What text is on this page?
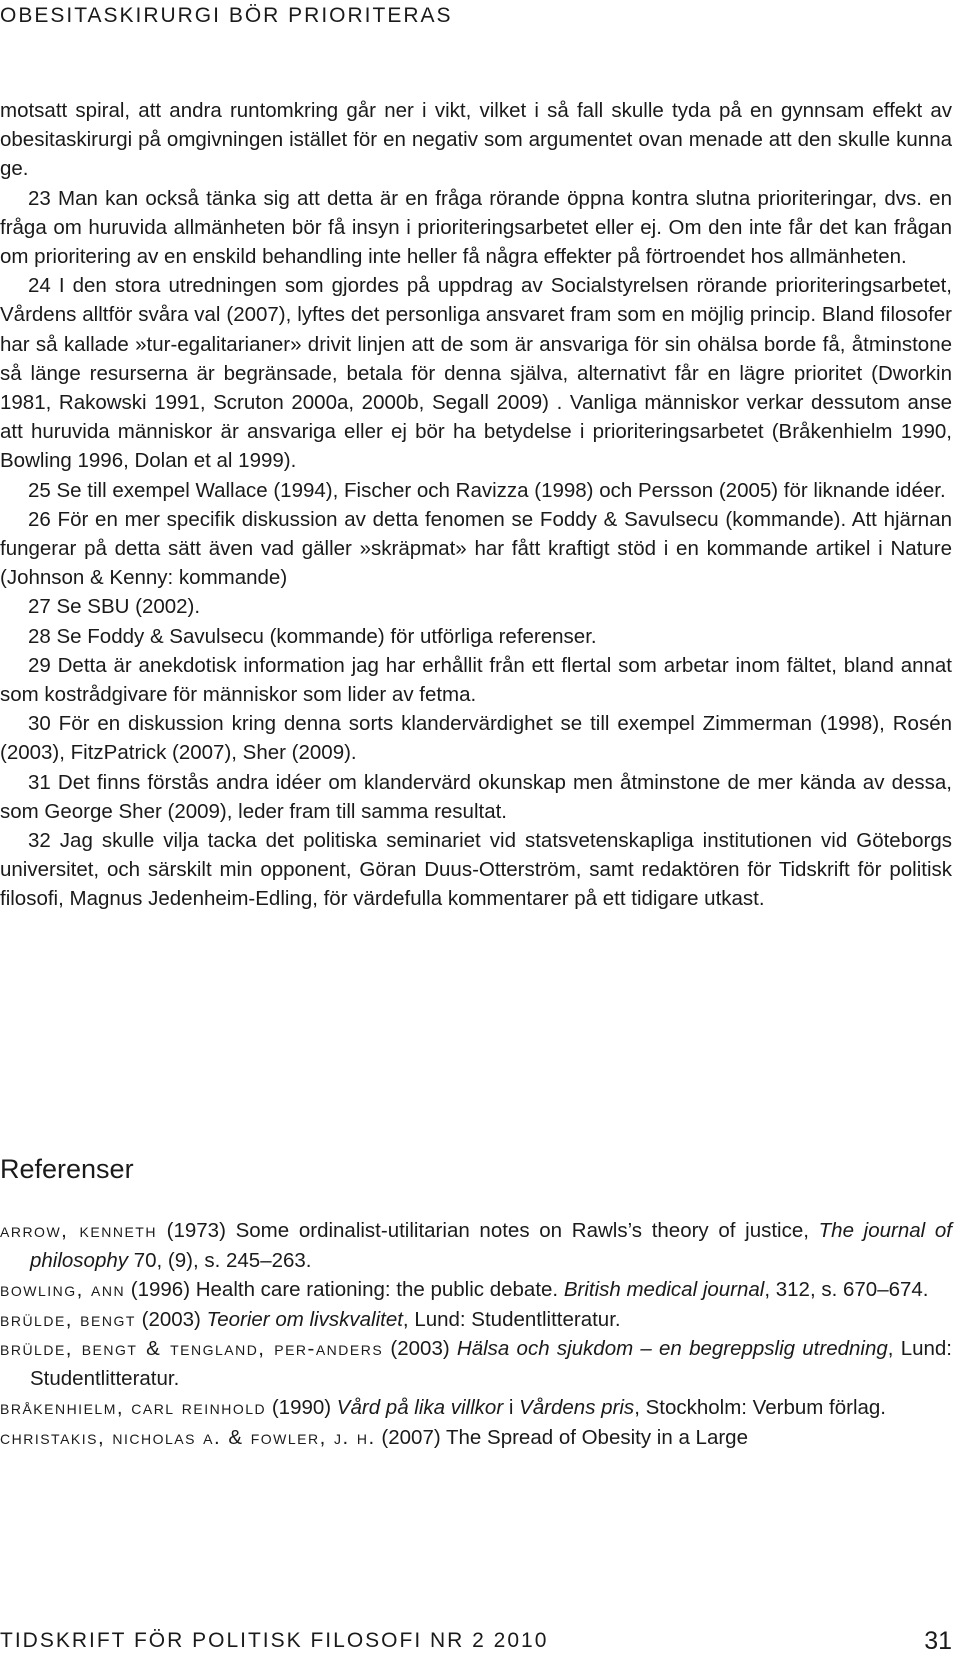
OBESITASKIRURGI BÖR PRIORITERAS

motsatt spiral, att andra runtomkring går ner i vikt, vilket i så fall skulle tyda på en gynnsam effekt av obesitaskirurgi på omgivningen istället för en negativ som argumentet ovan menade att den skulle kunna ge.

23 Man kan också tänka sig att detta är en fråga rörande öppna kontra slutna prioriteringar, dvs. en fråga om huruvida allmänheten bör få insyn i prioriteringsarbetet eller ej. Om den inte får det kan frågan om prioritering av en enskild behandling inte heller få några effekter på förtroendet hos allmänheten.

24 I den stora utredningen som gjordes på uppdrag av Socialstyrelsen rörande prioriteringsarbetet, Vårdens alltför svåra val (2007), lyftes det personliga ansvaret fram som en möjlig princip. Bland filosofer har så kallade »tur-egalitarianer» drivit linjen att de som är ansvariga för sin ohälsa borde få, åtminstone så länge resurserna är begränsade, betala för denna själva, alternativt får en lägre prioritet (Dworkin 1981, Rakowski 1991, Scruton 2000a, 2000b, Segall 2009) . Vanliga människor verkar dessutom anse att huruvida människor är ansvariga eller ej bör ha betydelse i prioriteringsarbetet (Bråkenhielm 1990, Bowling 1996, Dolan et al 1999).

25 Se till exempel Wallace (1994), Fischer och Ravizza (1998) och Persson (2005) för liknande idéer.

26 För en mer specifik diskussion av detta fenomen se Foddy & Savulsecu (kommande). Att hjärnan fungerar på detta sätt även vad gäller »skräpmat» har fått kraftigt stöd i en kommande artikel i Nature (Johnson & Kenny: kommande)

27 Se SBU (2002).

28 Se Foddy & Savulsecu (kommande) för utförliga referenser.

29 Detta är anekdotisk information jag har erhållit från ett flertal som arbetar inom fältet, bland annat som kostrådgivare för människor som lider av fetma.

30 För en diskussion kring denna sorts klandervärdighet se till exempel Zimmerman (1998), Rosén (2003), FitzPatrick (2007), Sher (2009).

31 Det finns förstås andra idéer om klandervärd okunskap men åtminstone de mer kända av dessa, som George Sher (2009), leder fram till samma resultat.

32 Jag skulle vilja tacka det politiska seminariet vid statsvetenskapliga institutionen vid Göteborgs universitet, och särskilt min opponent, Göran Duus-Otterström, samt redaktören för Tidskrift för politisk filosofi, Magnus Jedenheim-Edling, för värdefulla kommentarer på ett tidigare utkast.

Referenser

arrow, kenneth (1973) Some ordinalist-utilitarian notes on Rawls’s theory of justice, The journal of philosophy 70, (9), s. 245–263.

bowling, ann (1996) Health care rationing: the public debate. British medical journal, 312, s. 670–674.

brülde, bengt (2003) Teorier om livskvalitet, Lund: Studentlitteratur.

brülde, bengt & tengland, per-anders (2003) Hälsa och sjukdom – en begreppslig utredning, Lund: Studentlitteratur.

bråkenhielm, carl reinhold (1990) Vård på lika villkor i Vårdens pris, Stockholm: Verbum förlag.

christakis, nicholas a. & fowler, j. h. (2007) The Spread of Obesity in a Large

TIDSKRIFT FÖR POLITISK FILOSOFI NR 2 2010	31
